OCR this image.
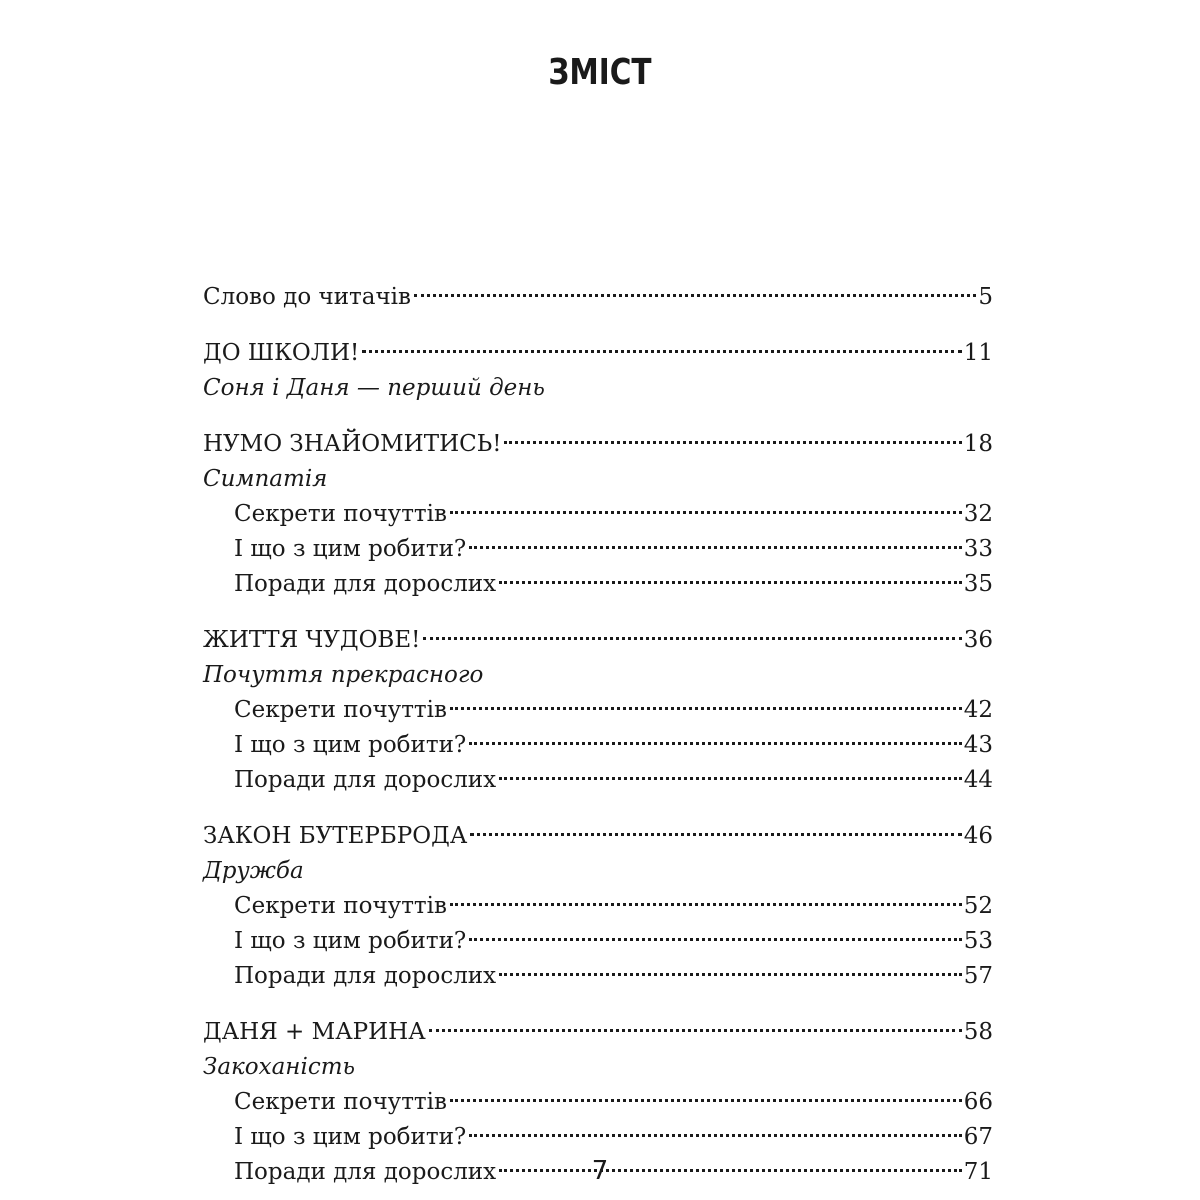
ЗМІСТ
Слово до читачів	5
ДО ШКОЛИ!	11
Соня і Даня — перший день
НУМО ЗНАЙОМИТИСЬ!	18
Симпатія
Секрети почуттів	32
І що з цим робити?	33
Поради для дорослих	35
ЖИТТЯ ЧУДОВЕ!	36
Почуття прекрасного
Секрети почуттів	42
І що з цим робити?	43
Поради для дорослих	44
ЗАКОН БУТЕРБРОДА	46
Дружба
Секрети почуттів	52
І що з цим робити?	53
Поради для дорослих	57
ДАНЯ + МАРИНА	58
Закоханість
Секрети почуттів	66
І що з цим робити?	67
Поради для дорослих	71
7
